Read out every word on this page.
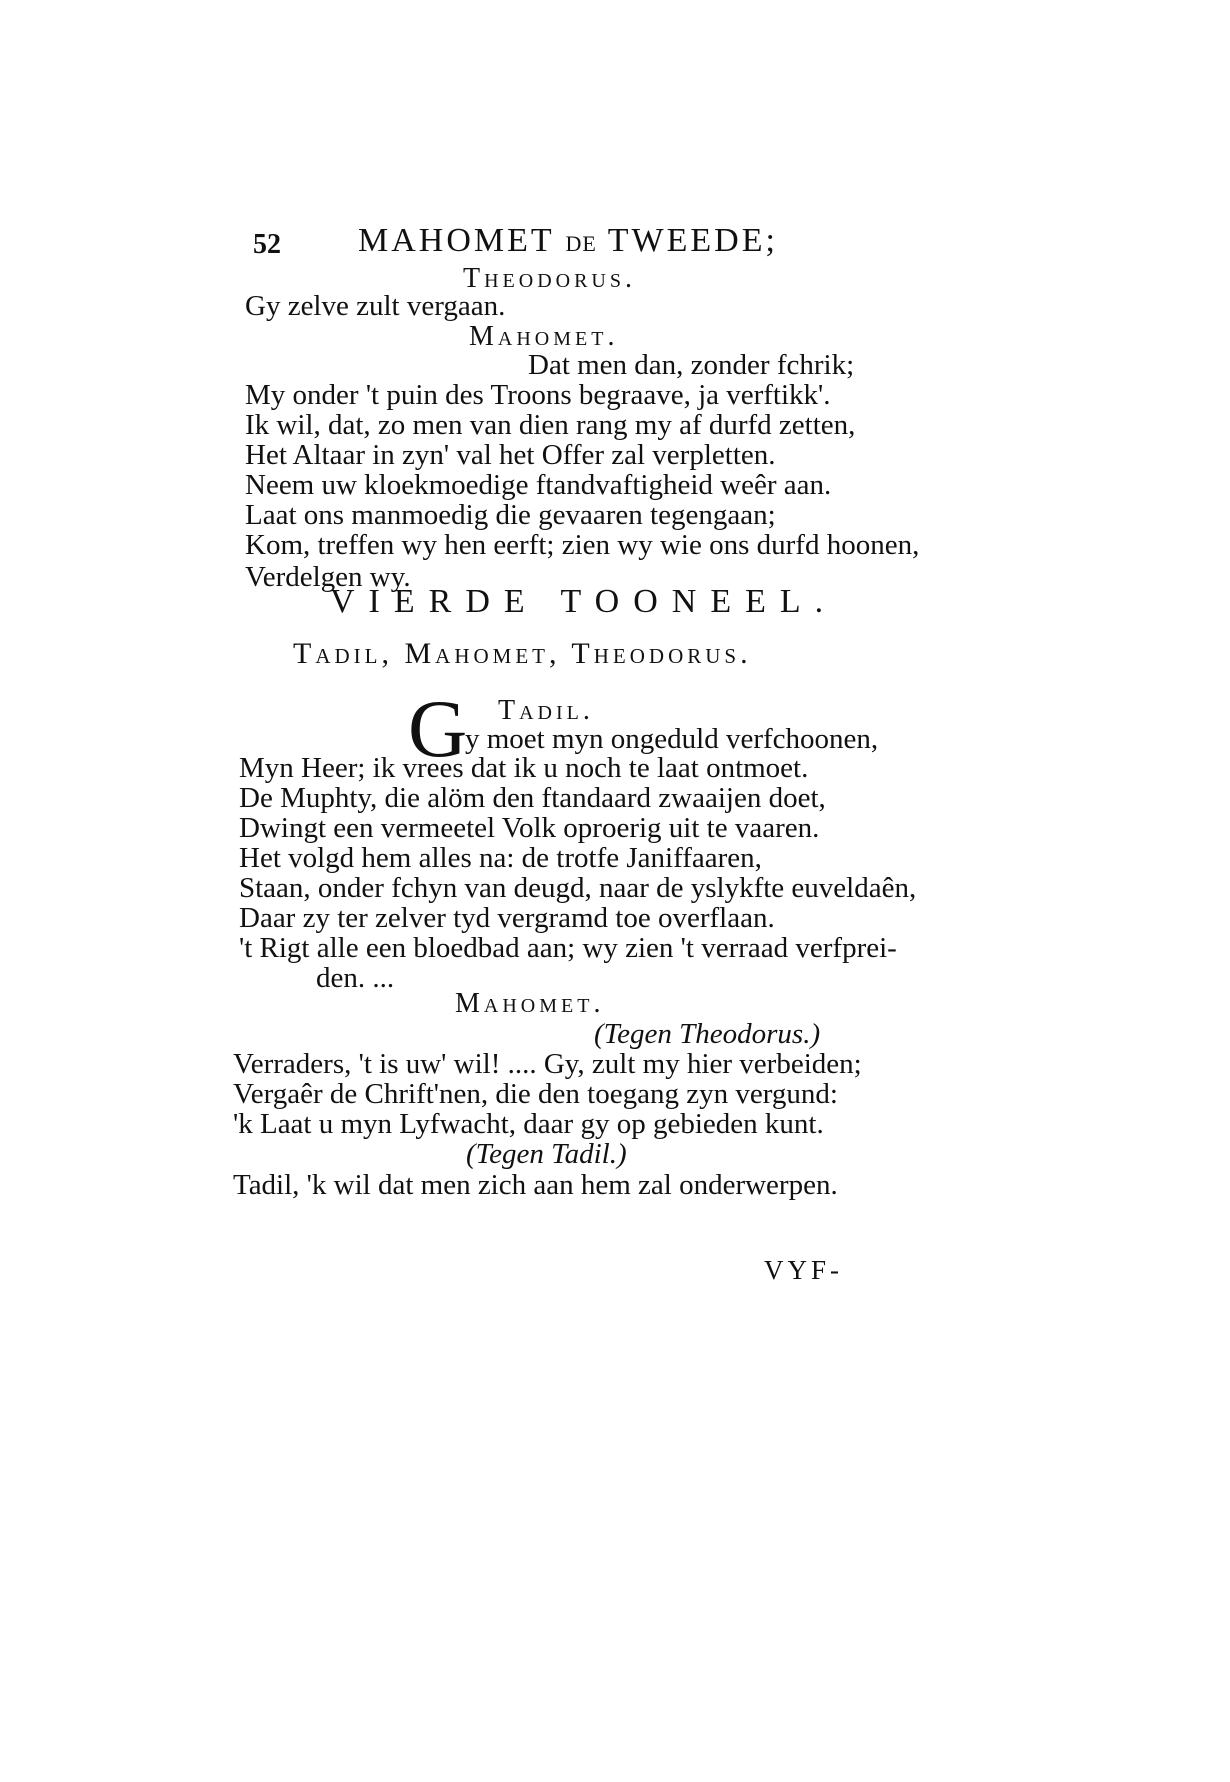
52 MAHOMET DE TWEEDE;
Theodorus.
Gy zelve zult vergaan.
Mahomet.
Dat men dan, zonder fchrik;
My onder 't puin des Troons begraave, ja verftikk'.
Ik wil, dat, zo men van dien rang my af durfd zetten,
Het Altaar in zyn' val het Offer zal verpletten.
Neem uw kloekmoedige ftandvaftigheid weêr aan.
Laat ons manmoedig die gevaaren tegengaan;
Kom, treffen wy hen eerft; zien wy wie ons durfd hoonen,
Verdelgen wy.
VIERDE TOONEEL.
Tadil, Mahomet, Theodorus.
Tadil.
G
y moet myn ongeduld verfchoonen,
Myn Heer; ik vrees dat ik u noch te laat ontmoet.
De Muphty, die alöm den ftandaard zwaaijen doet,
Dwingt een vermeetel Volk oproerig uit te vaaren.
Het volgd hem alles na: de trotfe Janiffaaren,
Staan, onder fchyn van deugd, naar de yslykfte euveldaên,
Daar zy ter zelver tyd vergramd toe overflaan.
't Rigt alle een bloedbad aan; wy zien 't verraad verfprei-
den. ...
Mahomet.
(Tegen Theodorus.)
Verraders, 't is uw' wil! .... Gy, zult my hier verbeiden;
Vergaêr de Chrift'nen, die den toegang zyn vergund:
'k Laat u myn Lyfwacht, daar gy op gebieden kunt.
(Tegen Tadil.)
Tadil, 'k wil dat men zich aan hem zal onderwerpen.
VYF-
